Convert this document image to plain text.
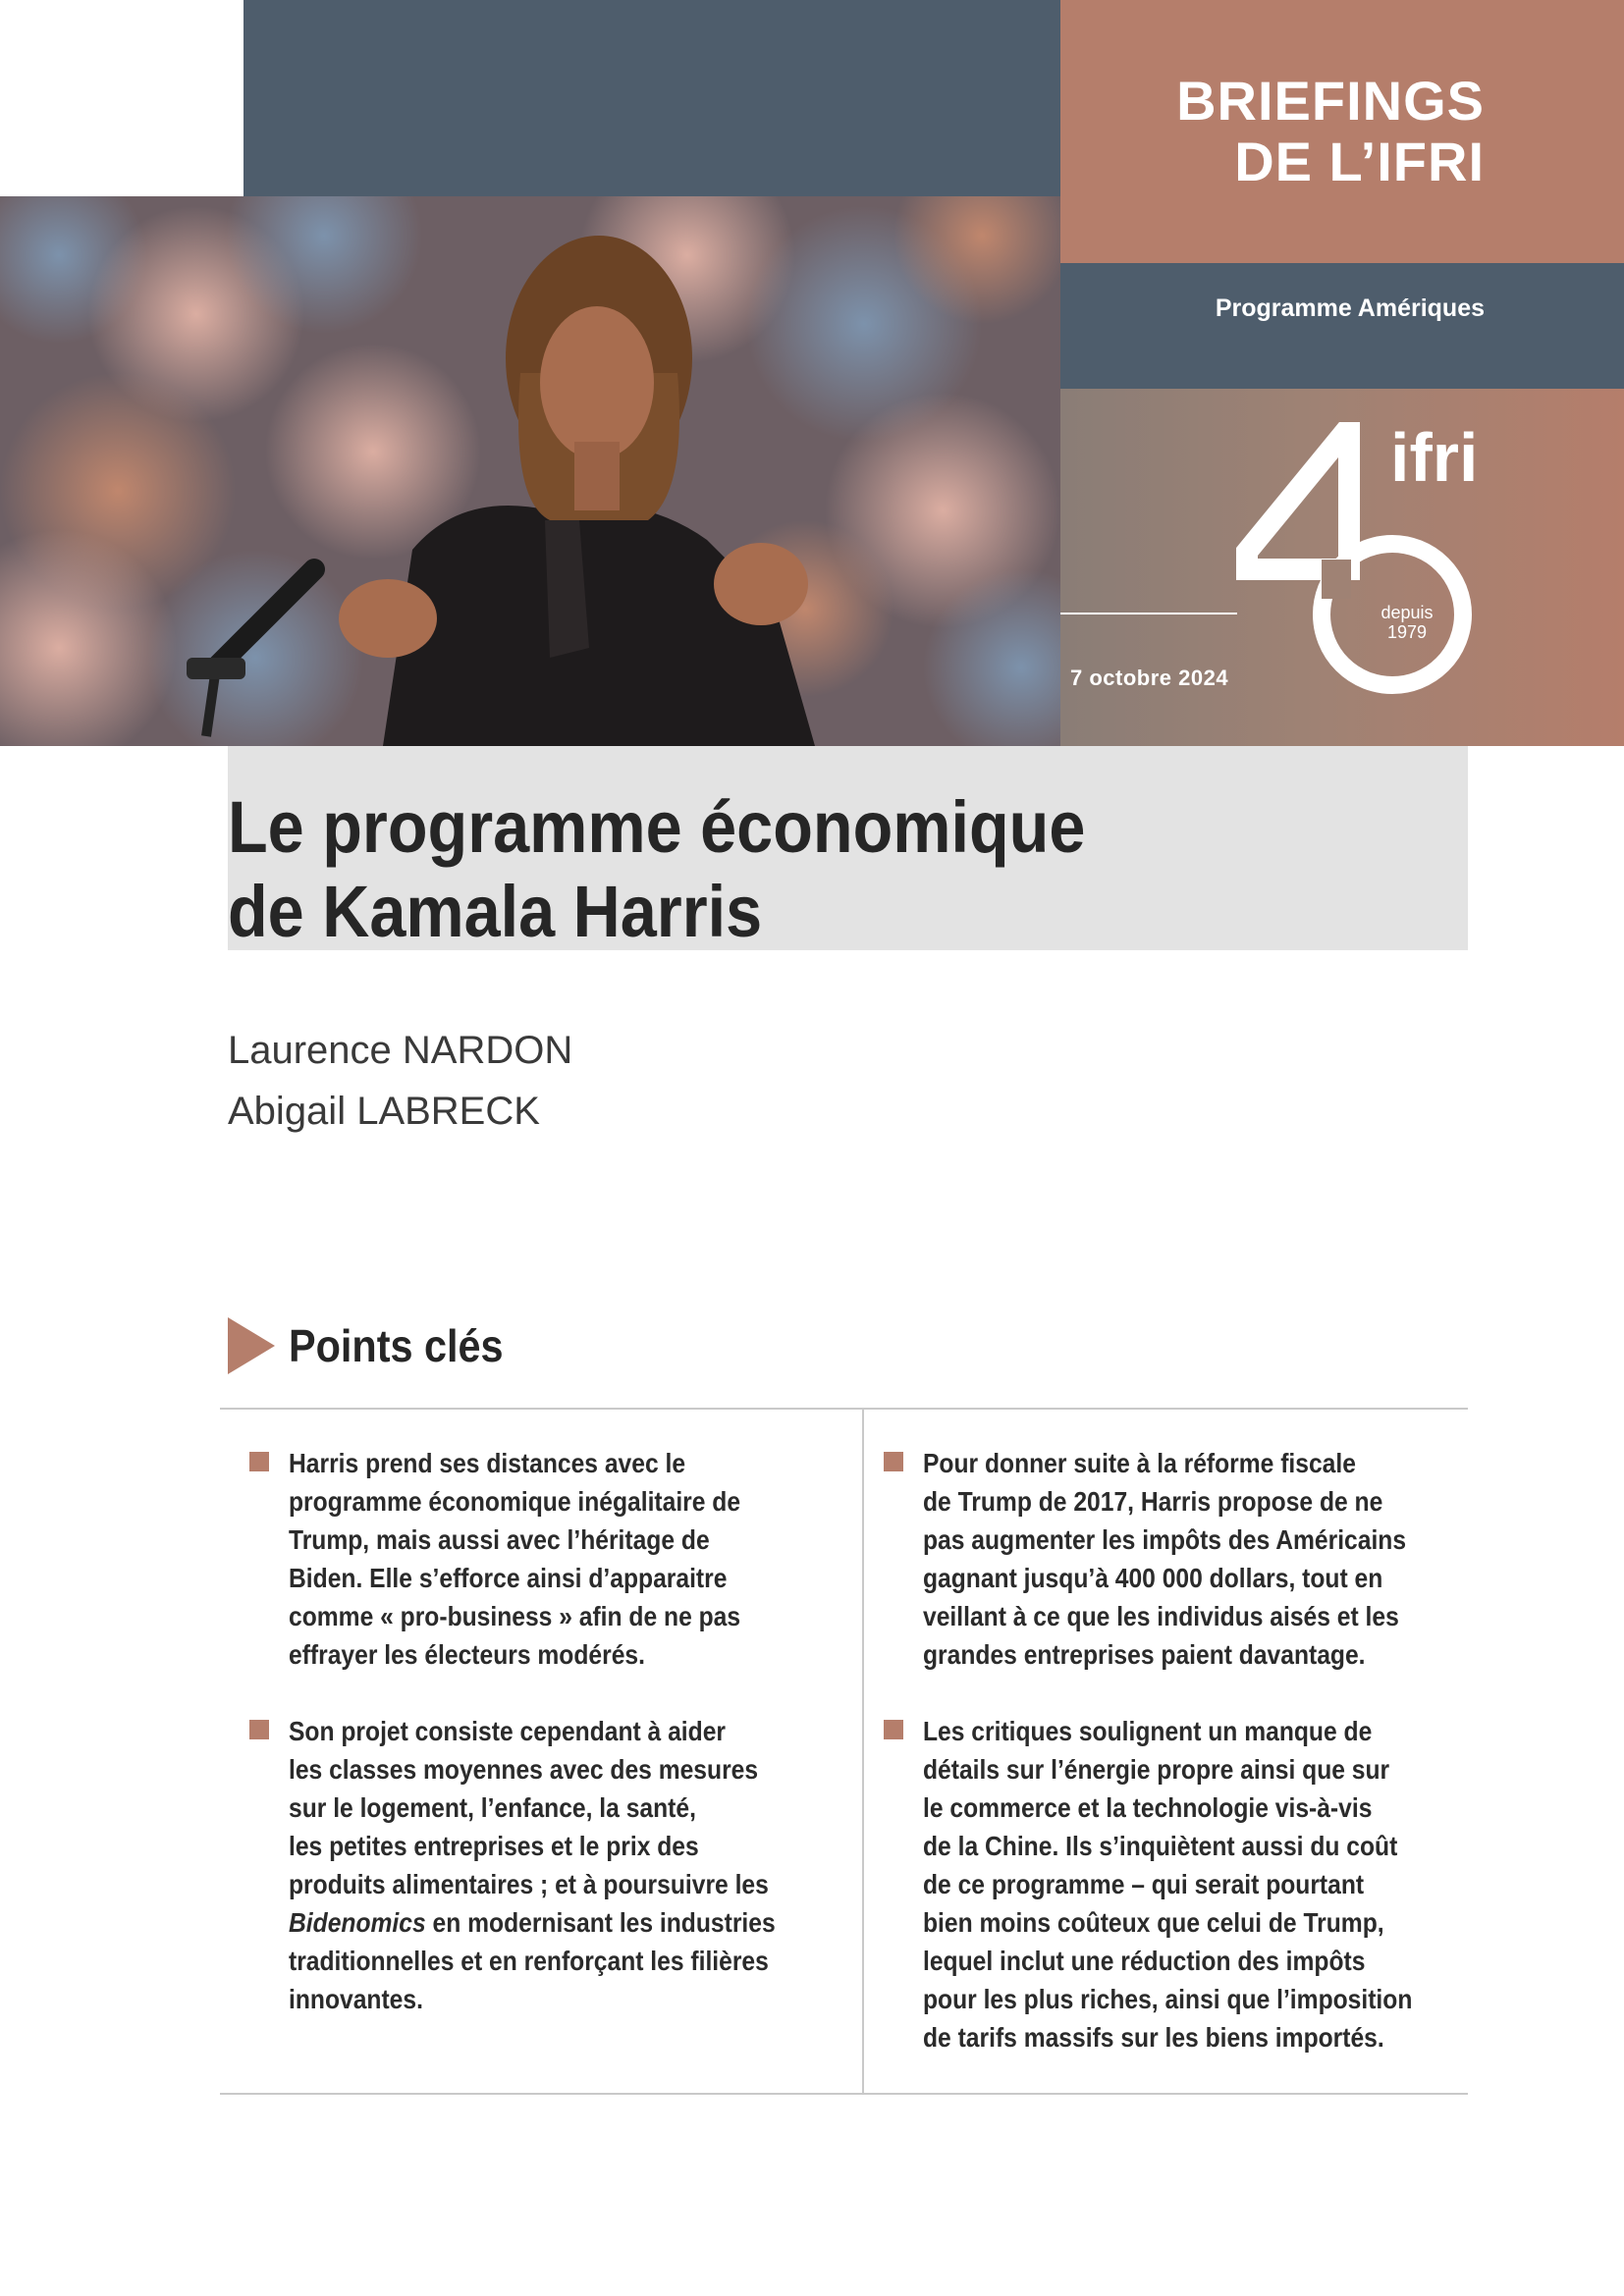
BRIEFINGS
DE L’IFRI
Programme Amériques
7 octobre 2024
ifri
depuis
1979
Le programme économique
de Kamala Harris
Laurence NARDON
Abigail LABRECK
Points clés
Harris prend ses distances avec le
programme économique inégalitaire de
Trump, mais aussi avec l’héritage de
Biden. Elle s’efforce ainsi d’apparaitre
comme « pro-business » afin de ne pas
effrayer les électeurs modérés.
Son projet consiste cependant à aider
les classes moyennes avec des mesures
sur le logement, l’enfance, la santé,
les petites entreprises et le prix des
produits alimentaires ; et à poursuivre les
Bidenomics en modernisant les industries
traditionnelles et en renforçant les filières
innovantes.
Pour donner suite à la réforme fiscale
de Trump de 2017, Harris propose de ne
pas augmenter les impôts des Américains
gagnant jusqu’à 400 000 dollars, tout en
veillant à ce que les individus aisés et les
grandes entreprises paient davantage.
Les critiques soulignent un manque de
détails sur l’énergie propre ainsi que sur
le commerce et la technologie vis-à-vis
de la Chine. Ils s’inquiètent aussi du coût
de ce programme – qui serait pourtant
bien moins coûteux que celui de Trump,
lequel inclut une réduction des impôts
pour les plus riches, ainsi que l’imposition
de tarifs massifs sur les biens importés.
